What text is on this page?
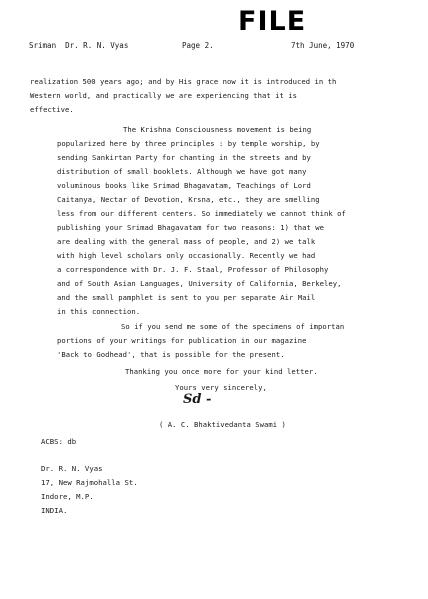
FILE
Sriman  Dr. R. N. Vyas	Page 2.	7th June, 1970
realization 500 years ago; and by His grace now it is introduced in th
Western world, and practically we are experiencing that it is
effective.
The Krishna Consciousness movement is being
popularized here by three principles : by temple worship, by
sending Sankirtan Party for chanting in the streets and by
distribution of small booklets. Although we have got many
voluminous books like Srimad Bhagavatam, Teachings of Lord
Caitanya, Nectar of Devotion, Krsna, etc., they are smelling
less from our different centers. So immediately we cannot think of
publishing your Srimad Bhagavatam for two reasons: 1) that we
are dealing with the general mass of people, and 2) we talk
with high level scholars only occasionally. Recently we had
a correspondence with Dr. J. F. Staal, Professor of Philosophy
and of South Asian Languages, University of California, Berkeley,
and the small pamphlet is sent to you per separate Air Mail
in this connection.
So if you send me some of the specimens of importan
portions of your writings for publication in our magazine
'Back to Godhead', that is possible for the present.
Thanking you once more for your kind letter.
Yours very sincerely,
Sd -
( A. C. Bhaktivedanta Swami )
ACBS: db
Dr. R. N. Vyas
17, New Rajmohalla St.
Indore, M.P.
INDIA.
